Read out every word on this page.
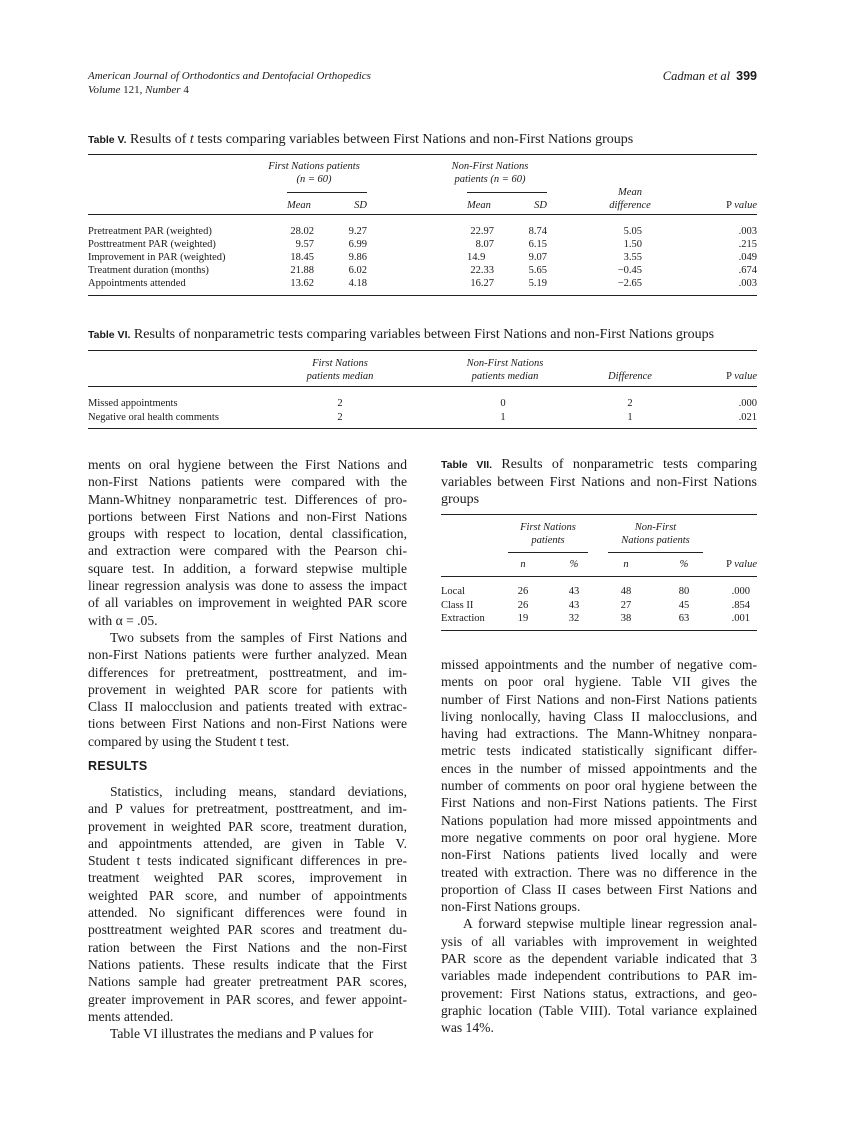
American Journal of Orthodontics and Dentofacial Orthopedics
Volume 121, Number 4
Cadman et al 399
Table V. Results of t tests comparing variables between First Nations and non-First Nations groups
First Nations patients
(n = 60)
Non-First Nations
patients (n = 60)
Mean
difference
Mean	SD	Mean	SD	P value
Pretreatment PAR (weighted)	28.02	9.27	22.97	8.74	5.05	.003
Posttreatment PAR (weighted)	9.57	6.99	8.07	6.15	1.50	.215
Improvement in PAR (weighted)	18.45	9.86	14.9	9.07	3.55	.049
Treatment duration (months)	21.88	6.02	22.33	5.65	−0.45	.674
Appointments attended	13.62	4.18	16.27	5.19	−2.65	.003
Table VI. Results of nonparametric tests comparing variables between First Nations and non-First Nations groups
First Nations
patients median
Non-First Nations
patients median	Difference	P value
Missed appointments	2	0	2	.000
Negative oral health comments	2	1	1	.021
ments on oral hygiene between the First Nations and
non-First Nations patients were compared with the
Mann-Whitney nonparametric test. Differences of pro-
portions between First Nations and non-First Nations
groups with respect to location, dental classification,
and extraction were compared with the Pearson chi-
square test. In addition, a forward stepwise multiple
linear regression analysis was done to assess the impact
of all variables on improvement in weighted PAR score
with α = .05.
Two subsets from the samples of First Nations and
non-First Nations patients were further analyzed. Mean
differences for pretreatment, posttreatment, and im-
provement in weighted PAR score for patients with
Class II malocclusion and patients treated with extrac-
tions between First Nations and non-First Nations were
compared by using the Student t test.
RESULTS
Statistics, including means, standard deviations,
and P values for pretreatment, posttreatment, and im-
provement in weighted PAR score, treatment duration,
and appointments attended, are given in Table V.
Student t tests indicated significant differences in pre-
treatment weighted PAR scores, improvement in
weighted PAR score, and number of appointments
attended. No significant differences were found in
posttreatment weighted PAR scores and treatment du-
ration between the First Nations and the non-First
Nations patients. These results indicate that the First
Nations sample had greater pretreatment PAR scores,
greater improvement in PAR scores, and fewer appoint-
ments attended.
Table VI illustrates the medians and P values for
Table VII. Results of nonparametric tests comparing
variables between First Nations and non-First Nations
groups
First Nations
patients
Non-First
Nations patients
n	%	n	%	P value
Local	26	43	48	80	.000
Class II	26	43	27	45	.854
Extraction	19	32	38	63	.001
missed appointments and the number of negative com-
ments on poor oral hygiene. Table VII gives the
number of First Nations and non-First Nations patients
living nonlocally, having Class II malocclusions, and
having had extractions. The Mann-Whitney nonpara-
metric tests indicated statistically significant differ-
ences in the number of missed appointments and the
number of comments on poor oral hygiene between the
First Nations and non-First Nations patients. The First
Nations population had more missed appointments and
more negative comments on poor oral hygiene. More
non-First Nations patients lived locally and were
treated with extraction. There was no difference in the
proportion of Class II cases between First Nations and
non-First Nations groups.
A forward stepwise multiple linear regression anal-
ysis of all variables with improvement in weighted
PAR score as the dependent variable indicated that 3
variables made independent contributions to PAR im-
provement: First Nations status, extractions, and geo-
graphic location (Table VIII). Total variance explained
was 14%.
